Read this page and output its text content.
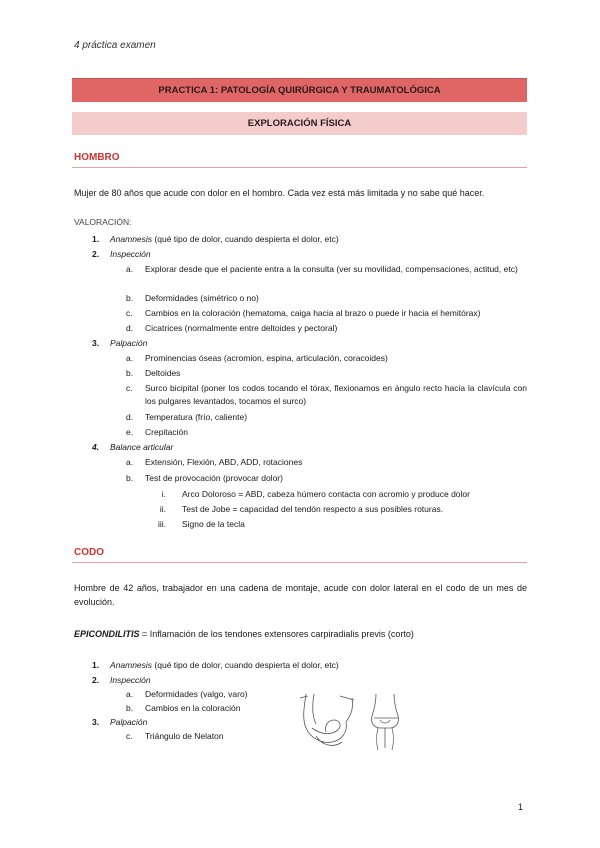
4 práctica examen
PRACTICA 1: PATOLOGÍA QUIRÚRGICA Y TRAUMATOLÓGICA
EXPLORACIÓN FÍSICA
HOMBRO
Mujer de 80 años que acude con dolor en el hombro. Cada vez está más limitada y no sabe qué hacer.
VALORACIÓN:
1. Anamnesis (qué tipo de dolor, cuando despierta el dolor, etc)
2. Inspección
a. Explorar desde que el paciente entra a la consulta (ver su movilidad, compensaciones, actitud, etc)
b. Deformidades (simétrico o no)
c. Cambios en la coloración (hematoma, caiga hacia al brazo o puede ir hacia el hemitórax)
d. Cicatrices (normalmente entre deltoides y pectoral)
3. Palpación
a. Prominencias óseas (acromion, espina, articulación, coracoides)
b. Deltoides
c. Surco bicipital (poner los codos tocando el tórax, flexionamos en ángulo recto hacia la clavícula con los pulgares levantados, tocamos el surco)
d. Temperatura (frío, caliente)
e. Crepitación
4. Balance articular
a. Extensión, Flexión, ABD, ADD, rotaciones
b. Test de provocación (provocar dolor)
i. Arco Doloroso = ABD, cabeza húmero contacta con acromio y produce dolor
ii. Test de Jobe = capacidad del tendón respecto a sus posibles roturas.
iii. Signo de la tecla
CODO
Hombre de 42 años, trabajador en una cadena de montaje, acude con dolor lateral en el codo de un mes de evolución.
EPICONDILITIS = Inflamación de los tendones extensores carpiradialis previs (corto)
1. Anamnesis (qué tipo de dolor, cuando despierta el dolor, etc)
2. Inspección
a. Deformidades (valgo, varo)
b. Cambios en la coloración
3. Palpación
c. Triángulo de Nelaton
1
